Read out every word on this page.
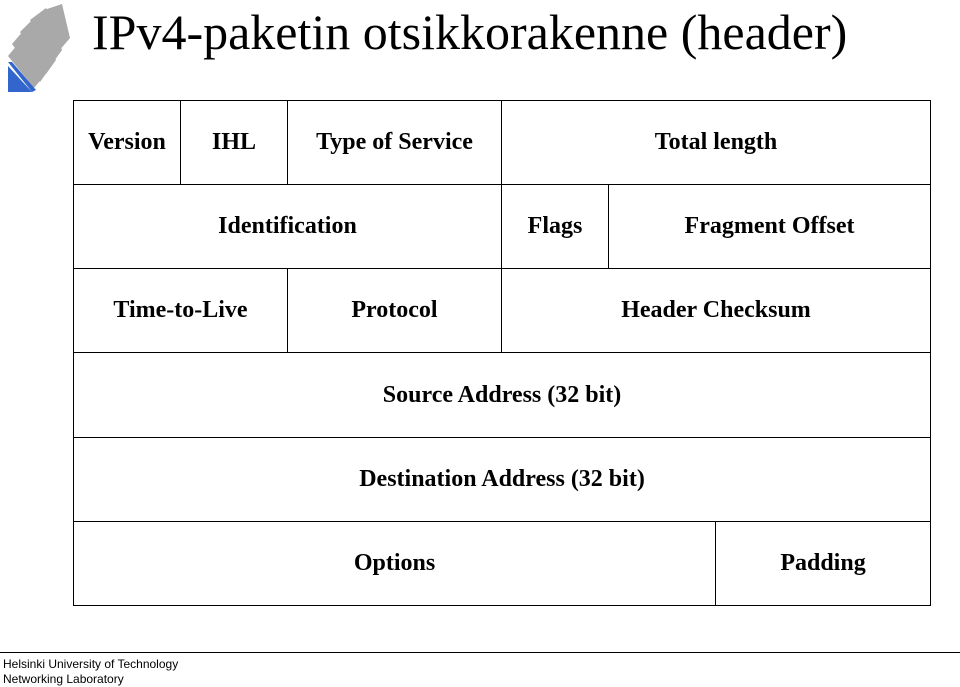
IPv4-paketin otsikkorakenne (header)
Version	IHL	Type of Service	Total length		
Identification			Flags	Fragment Offset	
Time-to-Live		Protocol	Header Checksum		
Source Address (32 bit)					
Destination Address (32 bit)					
Options					Padding
Helsinki University of Technology
Networking Laboratory
